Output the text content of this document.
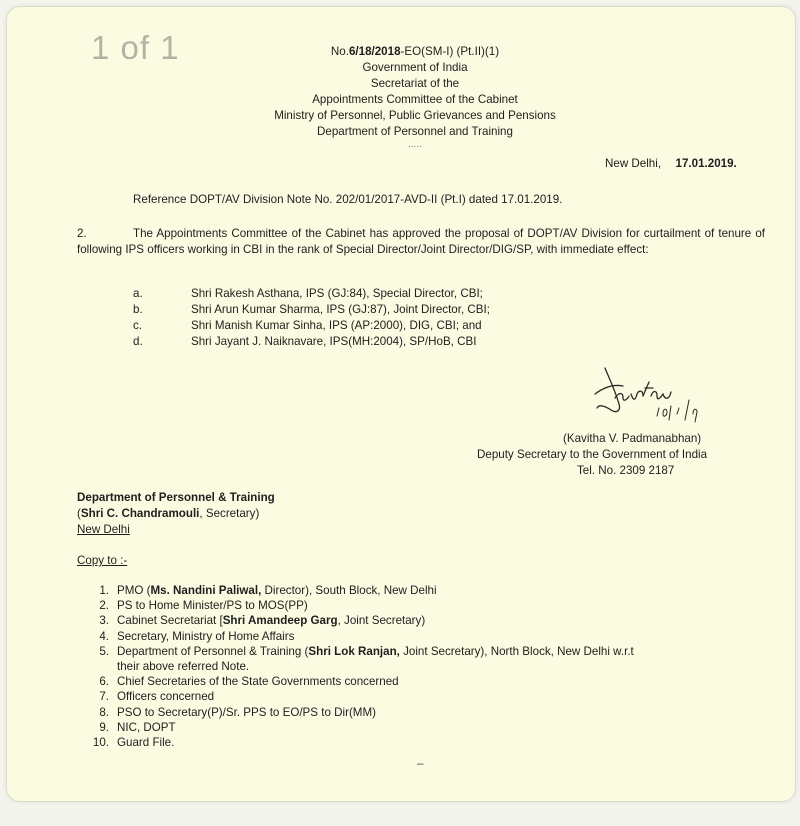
1 of 1	No.6/18/2018-EO(SM-I) (Pt.II)(1)
Government of India
Secretariat of the
Appointments Committee of the Cabinet
Ministry of Personnel, Public Grievances and Pensions
Department of Personnel and Training
.....
New Delhi, 17.01.2019.
Reference DOPT/AV Division Note No. 202/01/2017-AVD-II (Pt.I) dated 17.01.2019.
2.	The Appointments Committee of the Cabinet has approved the proposal of DOPT/AV Division for curtailment of tenure of following IPS officers working in CBI in the rank of Special Director/Joint Director/DIG/SP, with immediate effect:
a.	Shri Rakesh Asthana, IPS (GJ:84), Special Director, CBI;
b.	Shri Arun Kumar Sharma, IPS (GJ:87), Joint Director, CBI;
c.	Shri Manish Kumar Sinha, IPS (AP:2000), DIG, CBI; and
d.	Shri Jayant J. Naiknavare, IPS(MH:2004), SP/HoB, CBI
(Kavitha V. Padmanabhan)
Deputy Secretary to the Government of India
Tel. No. 2309 2187
Department of Personnel & Training
(Shri C. Chandramouli, Secretary)
New Delhi
Copy to :-
1. PMO (Ms. Nandini Paliwal, Director), South Block, New Delhi
2. PS to Home Minister/PS to MOS(PP)
3. Cabinet Secretariat [Shri Amandeep Garg, Joint Secretary)
4. Secretary, Ministry of Home Affairs
5. Department of Personnel & Training (Shri Lok Ranjan, Joint Secretary), North Block, New Delhi w.r.t
their above referred Note.
6. Chief Secretaries of the State Governments concerned
7. Officers concerned
8. PSO to Secretary(P)/Sr. PPS to EO/PS to Dir(MM)
9. NIC, DOPT
10. Guard File.
–
